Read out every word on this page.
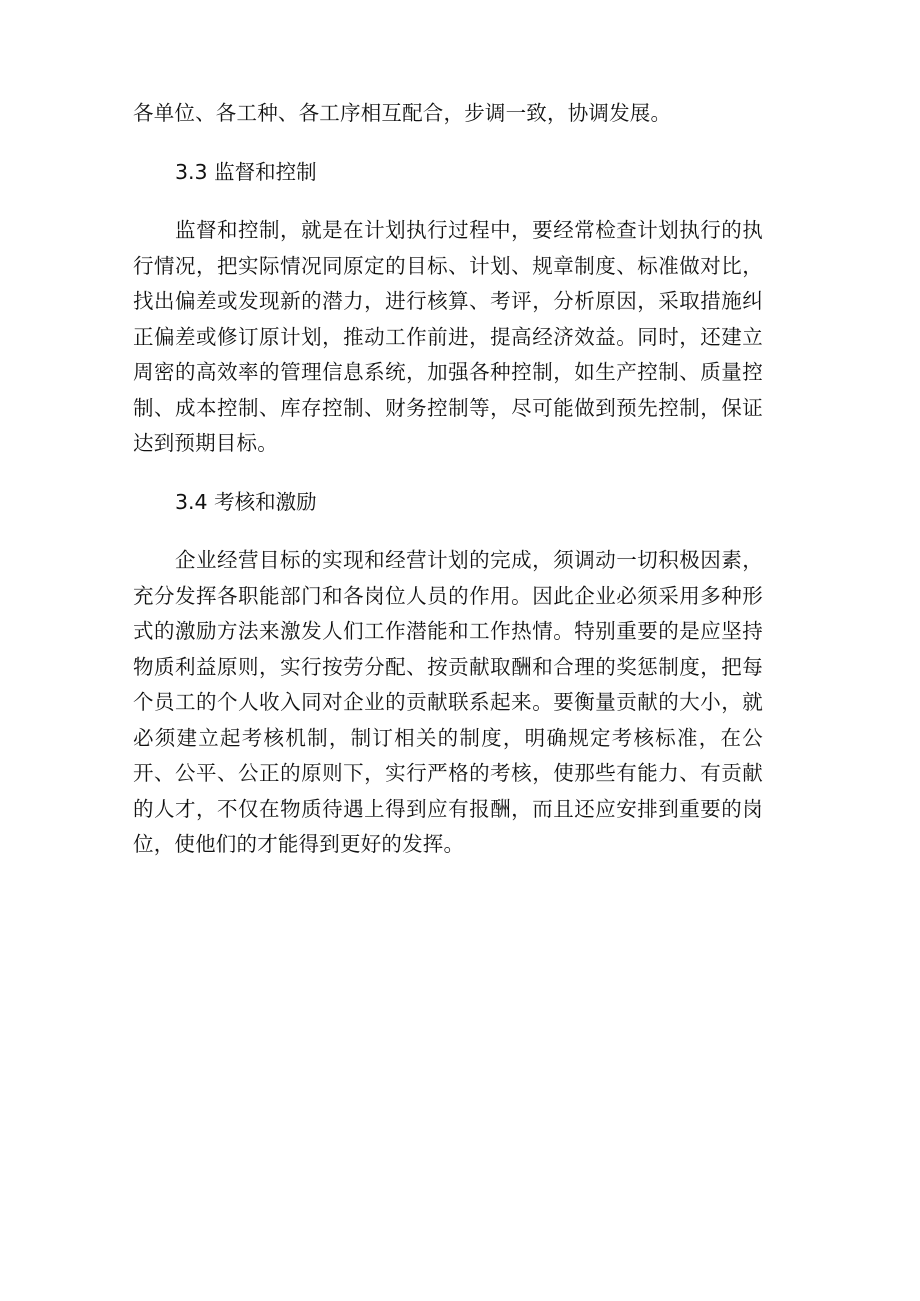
各单位、各工种、各工序相互配合，步调一致，协调发展。

3.3 监督和控制

监督和控制，就是在计划执行过程中，要经常检查计划执行的执行情况，把实际情况同原定的目标、计划、规章制度、标准做对比，找出偏差或发现新的潜力，进行核算、考评，分析原因，采取措施纠正偏差或修订原计划，推动工作前进，提高经济效益。同时，还建立周密的高效率的管理信息系统，加强各种控制，如生产控制、质量控制、成本控制、库存控制、财务控制等，尽可能做到预先控制，保证达到预期目标。

3.4 考核和激励

企业经营目标的实现和经营计划的完成，须调动一切积极因素，充分发挥各职能部门和各岗位人员的作用。因此企业必须采用多种形式的激励方法来激发人们工作潜能和工作热情。特别重要的是应坚持物质利益原则，实行按劳分配、按贡献取酬和合理的奖惩制度，把每个员工的个人收入同对企业的贡献联系起来。要衡量贡献的大小，就必须建立起考核机制，制订相关的制度，明确规定考核标准，在公开、公平、公正的原则下，实行严格的考核，使那些有能力、有贡献的人才，不仅在物质待遇上得到应有报酬，而且还应安排到重要的岗位，使他们的才能得到更好的发挥。
